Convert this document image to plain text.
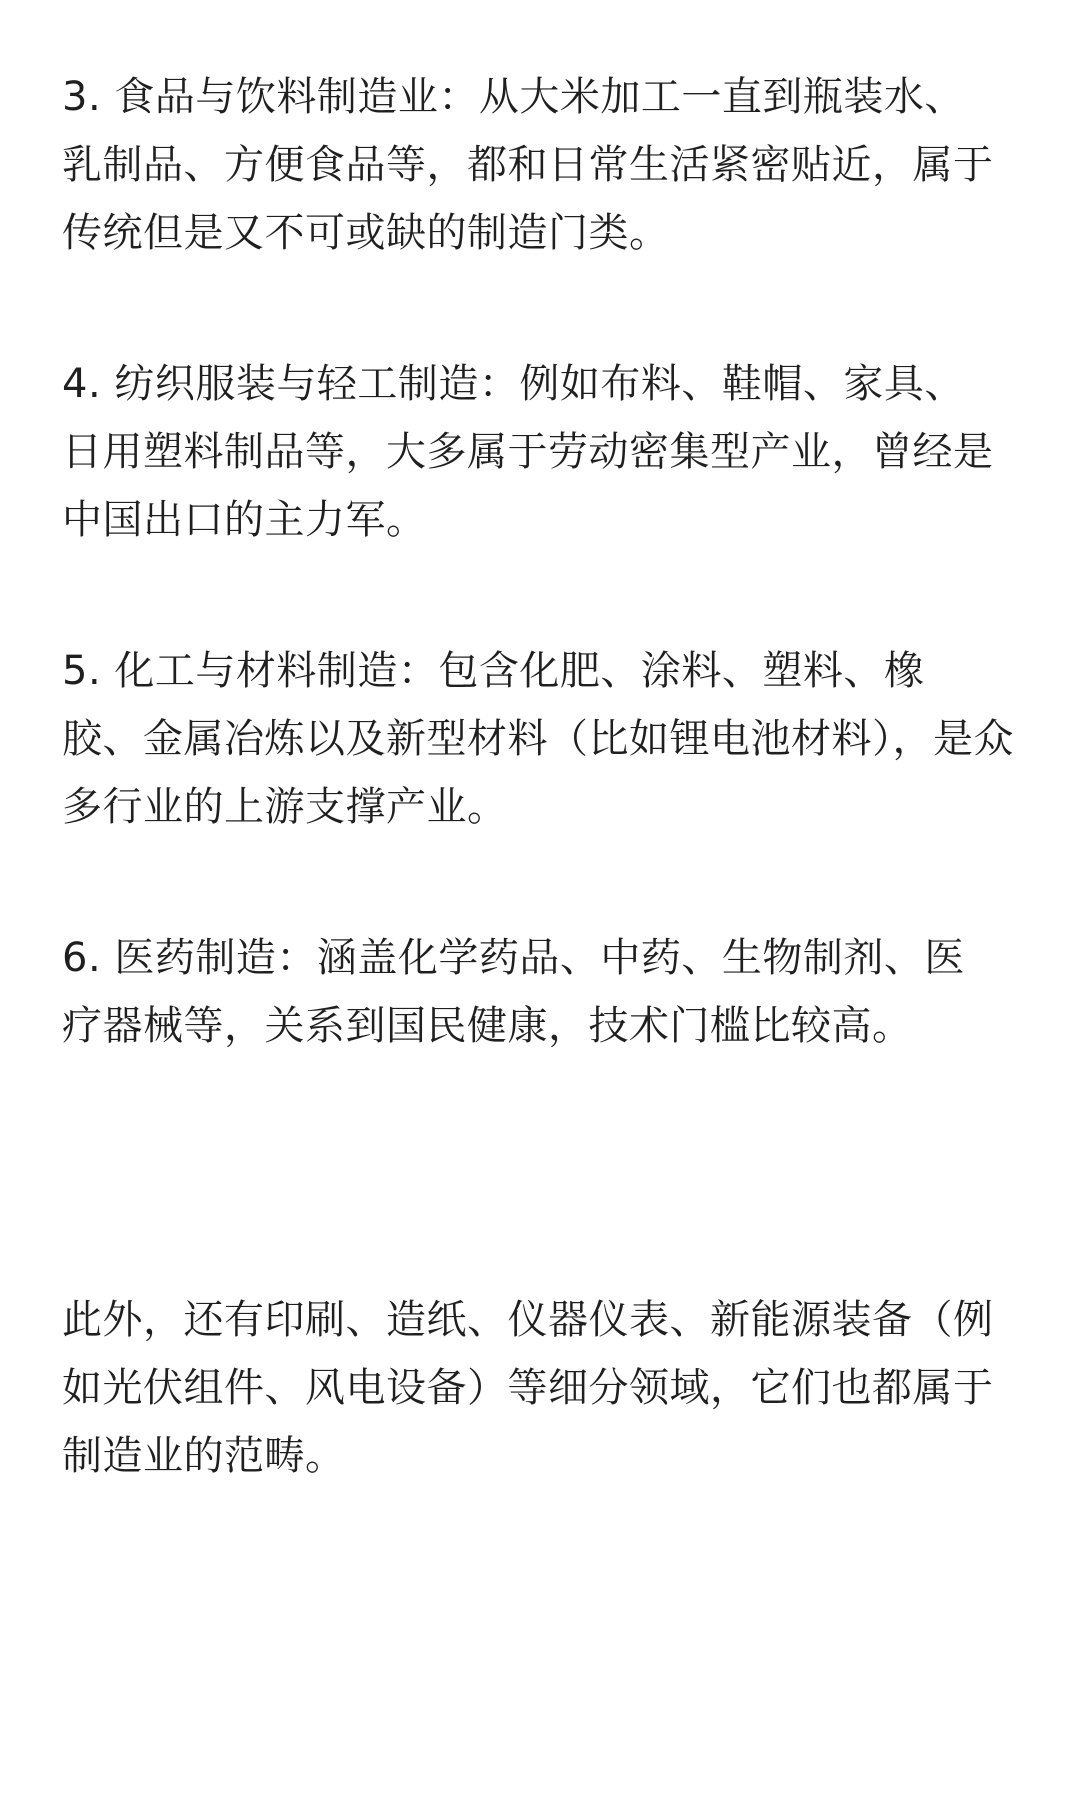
3. 食品与饮料制造业：从大米加工一直到瓶装水、
乳制品、方便食品等，都和日常生活紧密贴近，属于
传统但是又不可或缺的制造门类。

4. 纺织服装与轻工制造：例如布料、鞋帽、家具、
日用塑料制品等，大多属于劳动密集型产业，曾经是
中国出口的主力军。

5. 化工与材料制造：包含化肥、涂料、塑料、橡
胶、金属冶炼以及新型材料（比如锂电池材料），是众
多行业的上游支撑产业。

6. 医药制造：涵盖化学药品、中药、生物制剂、医
疗器械等，关系到国民健康，技术门槛比较高。

此外，还有印刷、造纸、仪器仪表、新能源装备（例
如光伏组件、风电设备）等细分领域，它们也都属于
制造业的范畴。
